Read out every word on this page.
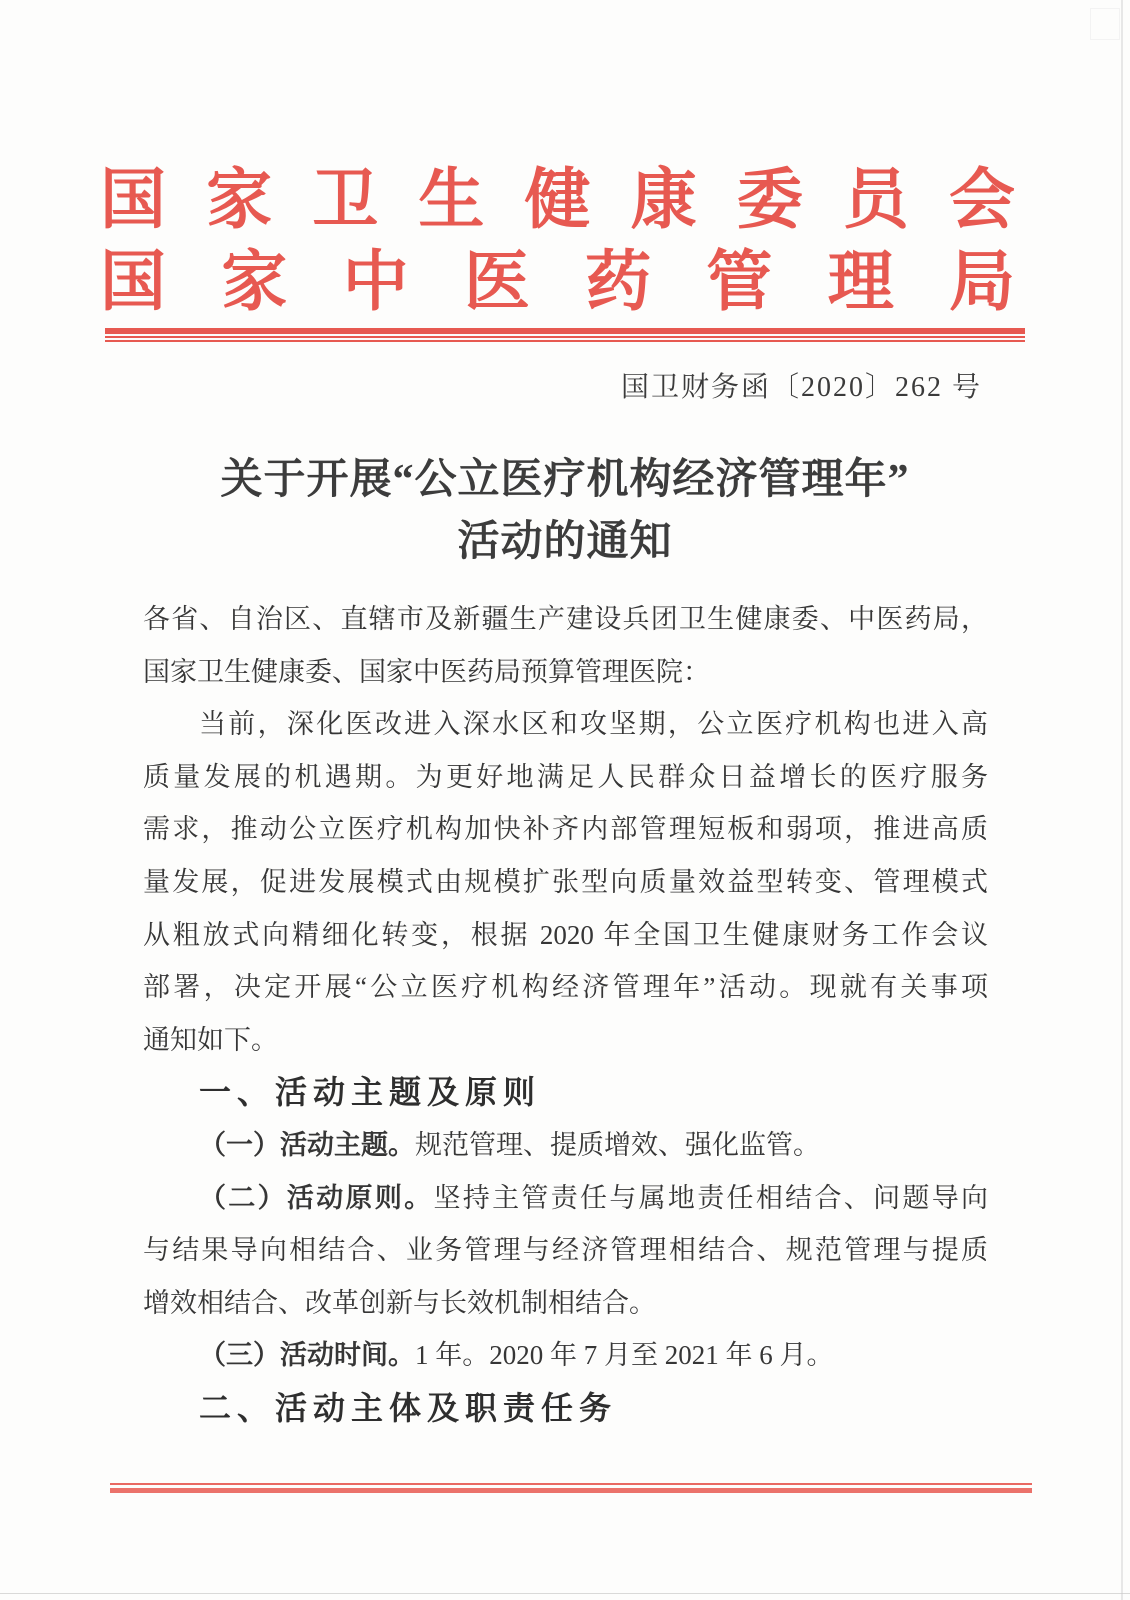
国 家 卫 生 健 康 委 员 会
国 家 中 医 药 管 理 局
国卫财务函〔2020〕262 号
关于开展“公立医疗机构经济管理年”
活动的通知
各省、自治区、直辖市及新疆生产建设兵团卫生健康委、中医药局，
国家卫生健康委、国家中医药局预算管理医院：
当前，深化医改进入深水区和攻坚期，公立医疗机构也进入高
质量发展的机遇期。为更好地满足人民群众日益增长的医疗服务
需求，推动公立医疗机构加快补齐内部管理短板和弱项，推进高质
量发展，促进发展模式由规模扩张型向质量效益型转变、管理模式
从粗放式向精细化转变，根据 2020 年全国卫生健康财务工作会议
部署，决定开展“公立医疗机构经济管理年”活动。现就有关事项
通知如下。
一、活动主题及原则
（一）活动主题。规范管理、提质增效、强化监管。
（二）活动原则。坚持主管责任与属地责任相结合、问题导向
与结果导向相结合、业务管理与经济管理相结合、规范管理与提质
增效相结合、改革创新与长效机制相结合。
（三）活动时间。1 年。2020 年 7 月至 2021 年 6 月。
二、活动主体及职责任务
